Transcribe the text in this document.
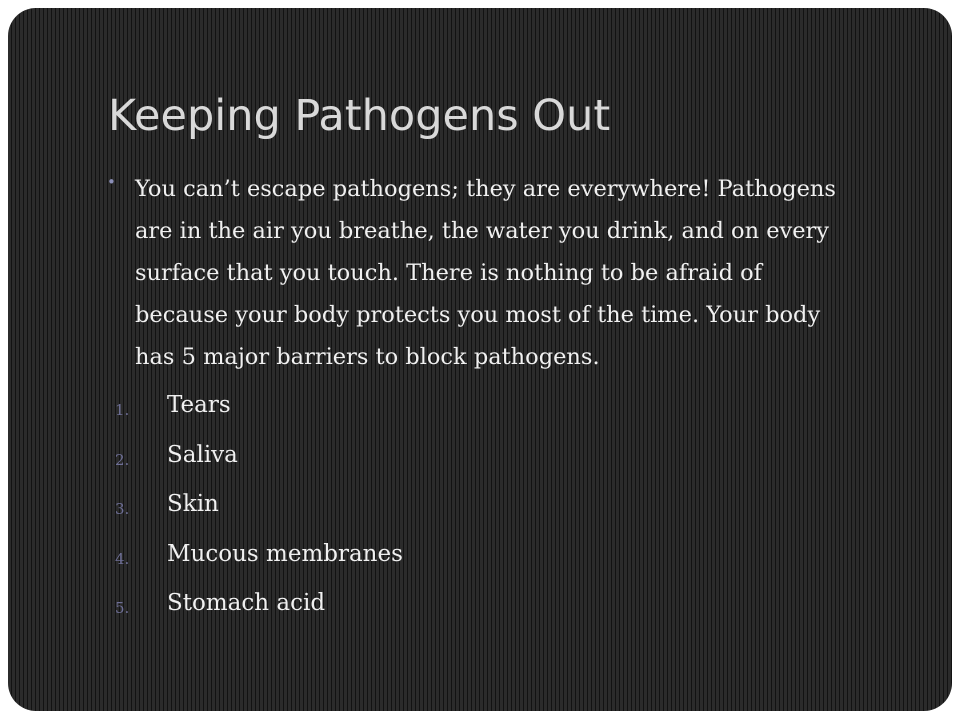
Keeping Pathogens Out
• You can’t escape pathogens; they are everywhere! Pathogens
are in the air you breathe, the water you drink, and on every
surface that you touch. There is nothing to be afraid of
because your body protects you most of the time. Your body
has 5 major barriers to block pathogens.

1. Tears
2. Saliva
3. Skin
4. Mucous membranes
5. Stomach acid
